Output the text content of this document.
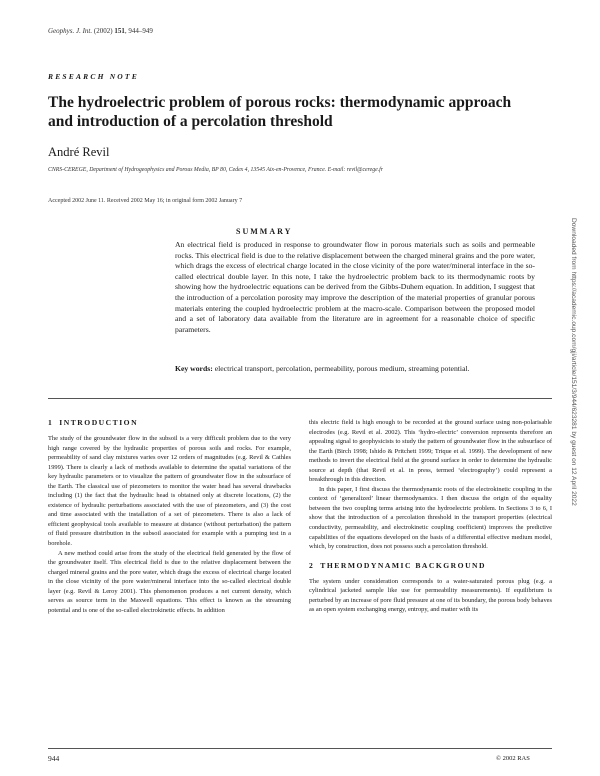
Geophys. J. Int. (2002) 151, 944–949
RESEARCH NOTE
The hydroelectric problem of porous rocks: thermodynamic approach and introduction of a percolation threshold
André Revil
CNRS-CEREGE, Department of Hydrogeophysics and Porous Media, BP 80, Cedex 4, 13545 Aix-en-Provence, France. E-mail: revil@cerege.fr
Accepted 2002 June 11. Received 2002 May 16; in original form 2002 January 7
SUMMARY
An electrical field is produced in response to groundwater flow in porous materials such as soils and permeable rocks. This electrical field is due to the relative displacement between the charged mineral grains and the pore water, which drags the excess of electrical charge located in the close vicinity of the pore water/mineral interface in the so-called electrical double layer. In this note, I take the hydroelectric problem back to its thermodynamic roots by showing how the hydroelectric equations can be derived from the Gibbs-Duhem equation. In addition, I suggest that the introduction of a percolation porosity may improve the description of the material properties of granular porous materials entering the coupled hydroelectric problem at the macro-scale. Comparison between the proposed model and a set of laboratory data available from the literature are in agreement for a reasonable choice of specific parameters.
Key words: electrical transport, percolation, permeability, porous medium, streaming potential.
1 INTRODUCTION

The study of the groundwater flow in the subsoil is a very difficult problem due to the very high range covered by the hydraulic properties of porous soils and rocks. For example, permeability of sand clay mixtures varies over 12 orders of magnitudes (e.g. Revil & Cathles 1999). There is clearly a lack of methods available to determine the spatial variations of the key hydraulic parameters or to visualize the pattern of groundwater flow in the subsurface of the Earth. The classical use of piezometers to monitor the water head has several drawbacks including (1) the fact that the hydraulic head is obtained only at discrete locations, (2) the existence of hydraulic perturbations associated with the use of piezometers, and (3) the cost and time associated with the installation of a set of piezometers. There is also a lack of efficient geophysical tools available to measure at distance (without perturbation) the pattern of fluid pressure distribution in the subsoil associated for example with a pumping test in a borehole.

A new method could arise from the study of the electrical field generated by the flow of the groundwater itself. This electrical field is due to the relative displacement between the charged mineral grains and the pore water, which drags the excess of electrical charge located in the close vicinity of the pore water/mineral interface into the so-called electrical double layer (e.g. Revil & Leroy 2001). This phenomenon produces a net current density, which serves as source term in the Maxwell equations. This effect is known as the streaming potential and is one of the so-called electrokinetic effects. In addition

this electric field is high enough to be recorded at the ground surface using non-polarisable electrodes (e.g. Revil et al. 2002). This ‘hydro-electric’ conversion represents therefore an appealing signal to geophysicists to study the pattern of groundwater flow in the subsurface of the Earth (Birch 1998; Ishido & Pritchett 1999; Trique et al. 1999). The development of new methods to invert the electrical field at the ground surface in order to determine the hydraulic source at depth (that Revil et al. in press, termed ‘electrography’) could represent a breakthrough in this direction.

In this paper, I first discuss the thermodynamic roots of the electrokinetic coupling in the context of ‘generalized’ linear thermodynamics. I then discuss the origin of the equality between the two coupling terms arising into the hydroelectric problem. In Sections 3 to 6, I show that the introduction of a percolation threshold in the transport properties (electrical conductivity, permeability, and electrokinetic coupling coefficient) improves the predictive capabilities of the equations developed on the basis of a differential effective medium model, which, by construction, does not possess such a percolation threshold.

2 THERMODYNAMIC BACKGROUND

The system under consideration corresponds to a water-saturated porous plug (e.g. a cylindrical jacketed sample like use for permeability measurements). If equilibrium is perturbed by an increase of pore fluid pressure at one of its boundary, the porous body behaves as an open system exchanging energy, entropy, and matter with its

944	© 2002 RAS
Downloaded from https://academic.oup.com/gji/article/151/3/944/623281 by guest on 12 April 2022
